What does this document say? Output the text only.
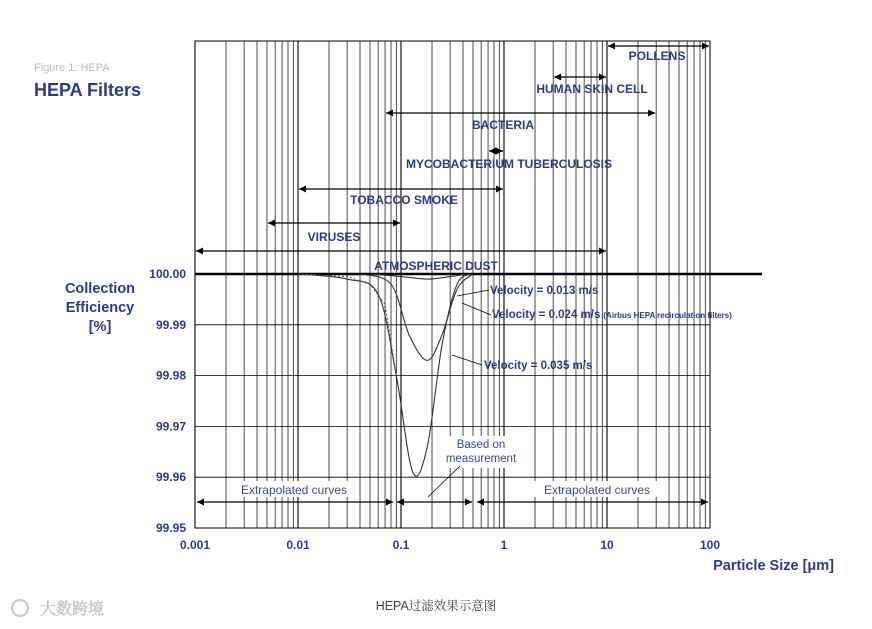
Figure 1: HEPA
HEPA Filters
POLLENS
HUMAN SKIN CELL
BACTERIA
MYCOBACTERIUM TUBERCULOSIS
TOBACCO SMOKE
VIRUSES
ATMOSPHERIC DUST
Velocity = 0.013 m/s
Velocity = 0.024 m/s (Airbus HEPA recirculation filters)
Velocity = 0.035 m/s
Extrapolated curves	Extrapolated curves
Based on measurement
100.00
99.99
99.98
99.97
99.96
99.95
0.001	0.01	0.1	1	10	100
Collection
Efficiency
[%]
Particle Size [μm]
HEPA过滤效果示意图
大数跨境
